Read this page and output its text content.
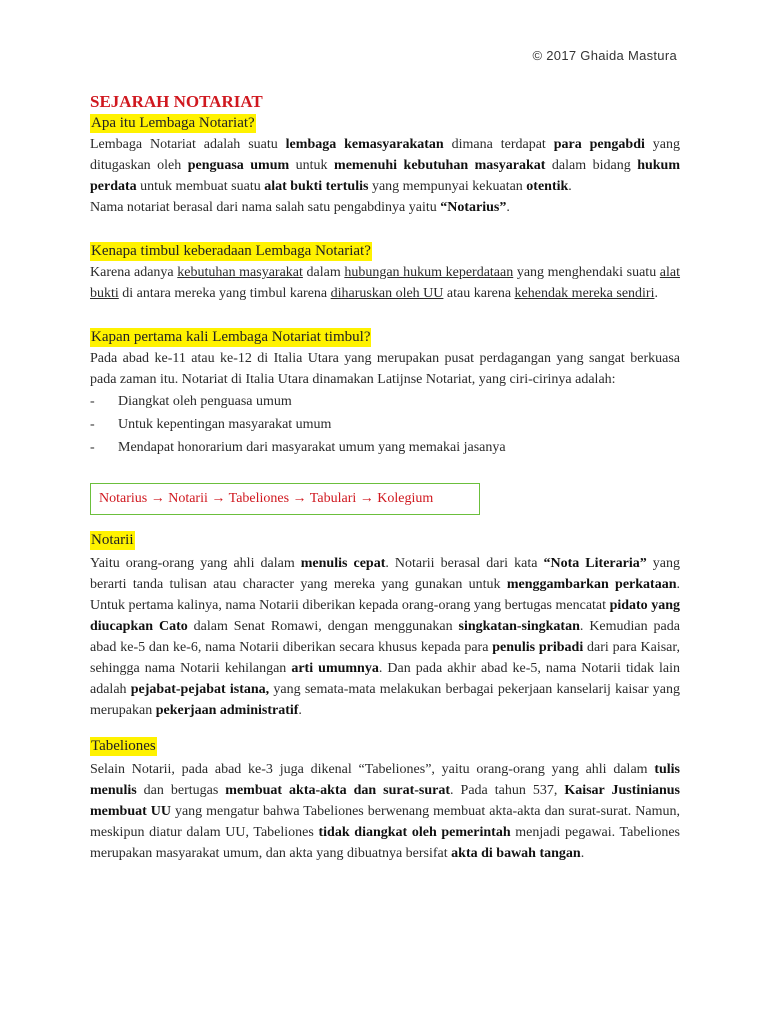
© 2017 Ghaida Mastura
SEJARAH NOTARIAT
Apa itu Lembaga Notariat?

Lembaga Notariat adalah suatu lembaga kemasyarakatan dimana terdapat para pengabdi yang ditugaskan oleh penguasa umum untuk memenuhi kebutuhan masyarakat dalam bidang hukum perdata untuk membuat suatu alat bukti tertulis yang mempunyai kekuatan otentik.

Nama notariat berasal dari nama salah satu pengabdinya yaitu “Notarius”.

Kenapa timbul keberadaan Lembaga Notariat?

Karena adanya kebutuhan masyarakat dalam hubungan hukum keperdataan yang menghendaki suatu alat bukti di antara mereka yang timbul karena diharuskan oleh UU atau karena kehendak mereka sendiri.

Kapan pertama kali Lembaga Notariat timbul?

Pada abad ke-11 atau ke-12 di Italia Utara yang merupakan pusat perdagangan yang sangat berkuasa pada zaman itu. Notariat di Italia Utara dinamakan Latijnse Notariat, yang ciri-cirinya adalah:

- Diangkat oleh penguasa umum
- Untuk kepentingan masyarakat umum
- Mendapat honorarium dari masyarakat umum yang memakai jasanya
Notarius → Notarii → Tabeliones → Tabulari → Kolegium
Notarii

Yaitu orang-orang yang ahli dalam menulis cepat. Notarii berasal dari kata “Nota Literaria” yang berarti tanda tulisan atau character yang mereka yang gunakan untuk menggambarkan perkataan. Untuk pertama kalinya, nama Notarii diberikan kepada orang-orang yang bertugas mencatat pidato yang diucapkan Cato dalam Senat Romawi, dengan menggunakan singkatan-singkatan. Kemudian pada abad ke-5 dan ke-6, nama Notarii diberikan secara khusus kepada para penulis pribadi dari para Kaisar, sehingga nama Notarii kehilangan arti umumnya. Dan pada akhir abad ke-5, nama Notarii tidak lain adalah pejabat-pejabat istana, yang semata-mata melakukan berbagai pekerjaan kanselarij kaisar yang merupakan pekerjaan administratif.

Tabeliones

Selain Notarii, pada abad ke-3 juga dikenal “Tabeliones”, yaitu orang-orang yang ahli dalam tulis menulis dan bertugas membuat akta-akta dan surat-surat. Pada tahun 537, Kaisar Justinianus membuat UU yang mengatur bahwa Tabeliones berwenang membuat akta-akta dan surat-surat. Namun, meskipun diatur dalam UU, Tabeliones tidak diangkat oleh pemerintah menjadi pegawai. Tabeliones merupakan masyarakat umum, dan akta yang dibuatnya bersifat akta di bawah tangan.
